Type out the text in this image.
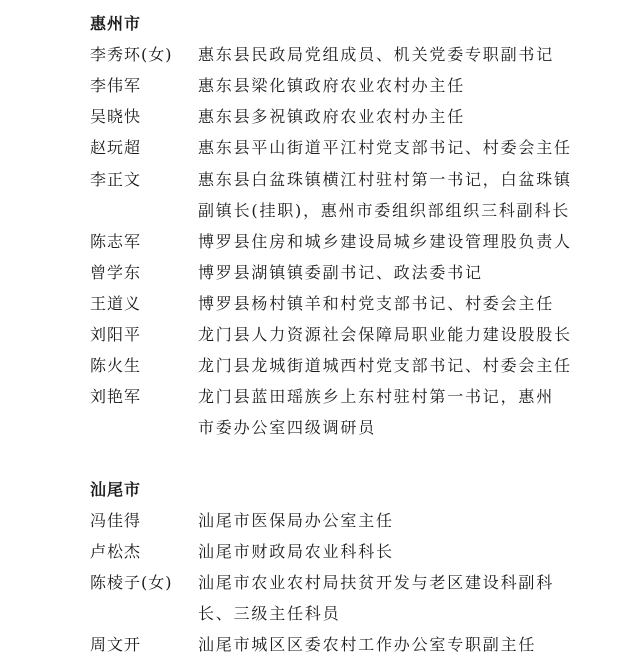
惠州市
李秀环(女) 惠东县民政局党组成员、机关党委专职副书记
李伟军	惠东县梁化镇政府农业农村办主任
吴晓快	惠东县多祝镇政府农业农村办主任
赵玩超	惠东县平山街道平江村党支部书记、村委会主任
李正文	惠东县白盆珠镇横江村驻村第一书记，白盆珠镇
副镇长(挂职)，惠州市委组织部组织三科副科长
陈志军	博罗县住房和城乡建设局城乡建设管理股负责人
曾学东	博罗县湖镇镇委副书记、政法委书记
王道义	博罗县杨村镇羊和村党支部书记、村委会主任
刘阳平	龙门县人力资源社会保障局职业能力建设股股长
陈火生	龙门县龙城街道城西村党支部书记、村委会主任
刘艳军	龙门县蓝田瑶族乡上东村驻村第一书记，惠州
市委办公室四级调研员
汕尾市
冯佳得	汕尾市医保局办公室主任
卢松杰	汕尾市财政局农业科科长
陈棱子(女) 汕尾市农业农村局扶贫开发与老区建设科副科
长、三级主任科员
周文开	汕尾市城区区委农村工作办公室专职副主任
